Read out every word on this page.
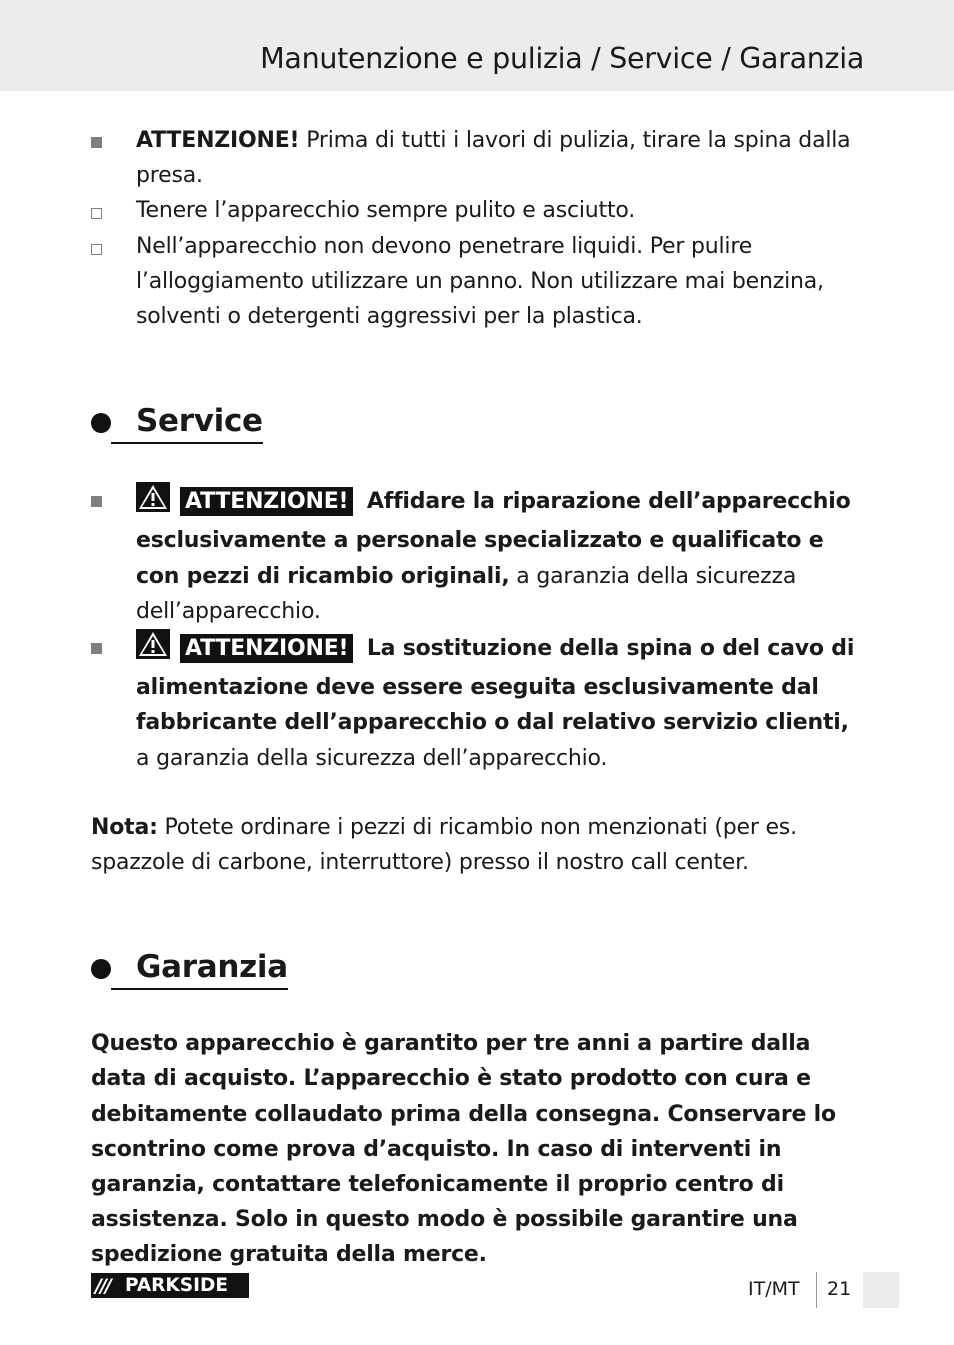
Manutenzione e pulizia / Service / Garanzia
ATTENZIONE! Prima di tutti i lavori di pulizia, tirare la spina dalla presa.
Tenere l’apparecchio sempre pulito e asciutto.
Nell’apparecchio non devono penetrare liquidi. Per pulire l’alloggiamento utilizzare un panno. Non utilizzare mai benzina, solventi o detergenti aggressivi per la plastica.
Service
ATTENZIONE! Affidare la riparazione dell’apparecchio esclusivamente a personale specializzato e qualificato e con pezzi di ricambio originali, a garanzia della sicurezza dell’apparecchio.
ATTENZIONE! La sostituzione della spina o del cavo di alimentazione deve essere eseguita esclusivamente dal fabbricante dell’apparecchio o dal relativo servizio clienti, a garanzia della sicurezza dell’apparecchio.
Nota: Potete ordinare i pezzi di ricambio non menzionati (per es. spazzole di carbone, interruttore) presso il nostro call center.
Garanzia
Questo apparecchio è garantito per tre anni a partire dalla data di acquisto. L’apparecchio è stato prodotto con cura e debitamente collaudato prima della consegna. Conservare lo scontrino come prova d’acquisto. In caso di interventi in garanzia, contattare telefonicamente il proprio centro di assistenza. Solo in questo modo è possibile garantire una spedizione gratuita della merce.
/// PARKSIDE	IT/MT 21
